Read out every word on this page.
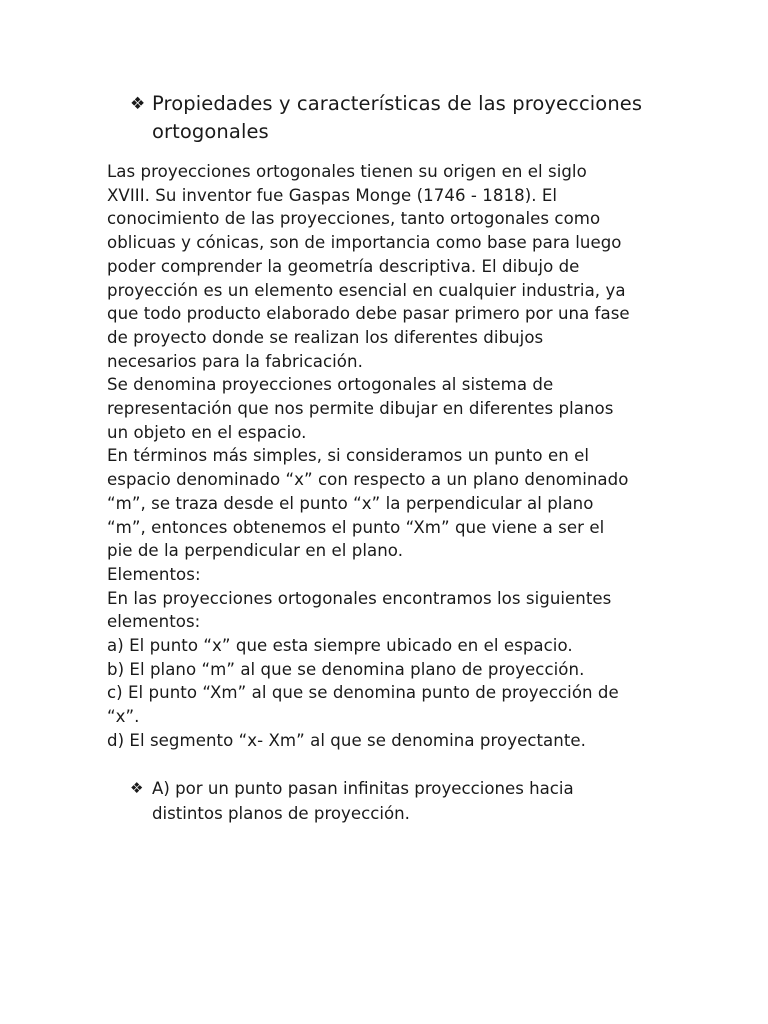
❖ Propiedades y características de las proyecciones
ortogonales
Las proyecciones ortogonales tienen su origen en el siglo
XVIII. Su inventor fue Gaspas Monge (1746 - 1818). El
conocimiento de las proyecciones, tanto ortogonales como
oblicuas y cónicas, son de importancia como base para luego
poder comprender la geometría descriptiva. El dibujo de
proyección es un elemento esencial en cualquier industria, ya
que todo producto elaborado debe pasar primero por una fase
de proyecto donde se realizan los diferentes dibujos
necesarios para la fabricación.
Se denomina proyecciones ortogonales al sistema de
representación que nos permite dibujar en diferentes planos
un objeto en el espacio.
En términos más simples, si consideramos un punto en el
espacio denominado “x” con respecto a un plano denominado
“m”, se traza desde el punto “x” la perpendicular al plano
“m”, entonces obtenemos el punto “Xm” que viene a ser el
pie de la perpendicular en el plano.
Elementos:
En las proyecciones ortogonales encontramos los siguientes
elementos:
a) El punto “x” que esta siempre ubicado en el espacio.
b) El plano “m” al que se denomina plano de proyección.
c) El punto “Xm” al que se denomina punto de proyección de
“x”.
d) El segmento “x- Xm” al que se denomina proyectante.
❖ A) por un punto pasan infinitas proyecciones hacia
distintos planos de proyección.
